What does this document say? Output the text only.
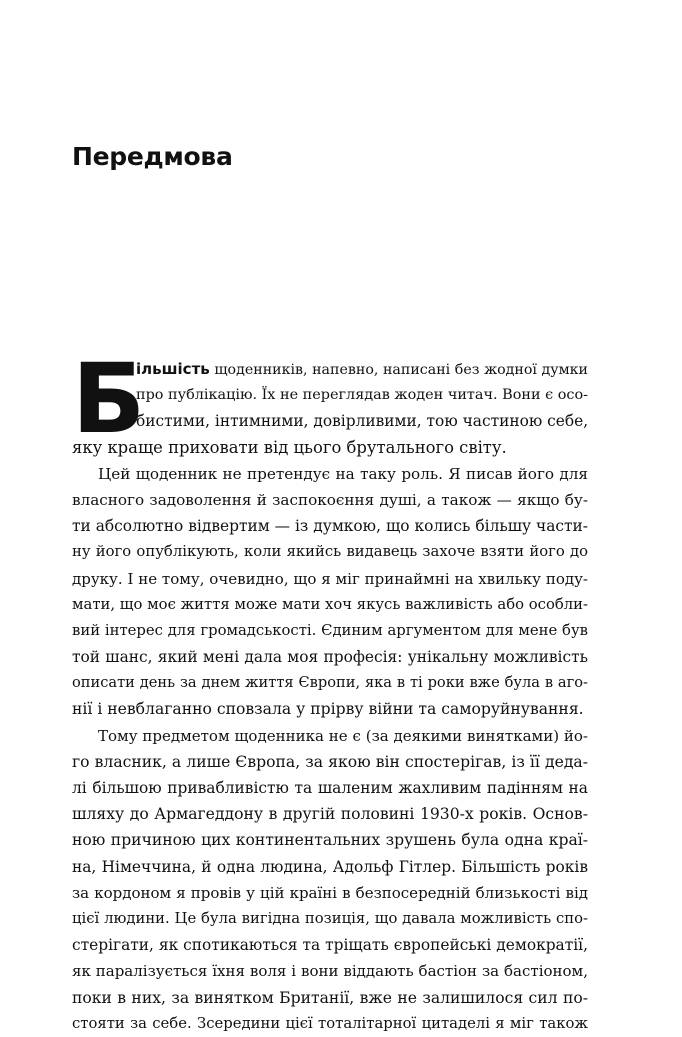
Передмова
Б
ільшість щоденників, напевно, написані без жодної думки
про публікацію. Їх не переглядав жоден читач. Вони є осо-
бистими, інтимними, довірливими, тою частиною себе,
яку краще приховати від цього брутального світу.
Цей щоденник не претендує на таку роль. Я писав його для
власного задоволення й заспокоєння душі, а також — якщо бу-
ти абсолютно відвертим — із думкою, що колись більшу части-
ну його опублікують, коли якийсь видавець захоче взяти його до
друку. І не тому, очевидно, що я міг принаймні на хвильку поду-
мати, що моє життя може мати хоч якусь важливість або особли-
вий інтерес для громадськості. Єдиним аргументом для мене був
той шанс, який мені дала моя професія: унікальну можливість
описати день за днем життя Європи, яка в ті роки вже була в аго-
нії і невблаганно сповзала у прірву війни та саморуйнування.
Тому предметом щоденника не є (за деякими винятками) йо-
го власник, а лише Європа, за якою він спостерігав, із її деда-
лі більшою привабливістю та шаленим жахливим падінням на
шляху до Армагеддону в другій половині 1930-х років. Основ-
ною причиною цих континентальних зрушень була одна краї-
на, Німеччина, й одна людина, Адольф Гітлер. Більшість років
за кордоном я провів у цій країні в безпосередній близькості від
цієї людини. Це була вигідна позиція, що давала можливість спо-
стерігати, як спотикаються та тріщать європейські демократії,
як паралізується їхня воля і вони віддають бастіон за бастіоном,
поки в них, за винятком Британії, вже не залишилося сил по-
стояти за себе. Зсередини цієї тоталітарної цитаделі я міг також
